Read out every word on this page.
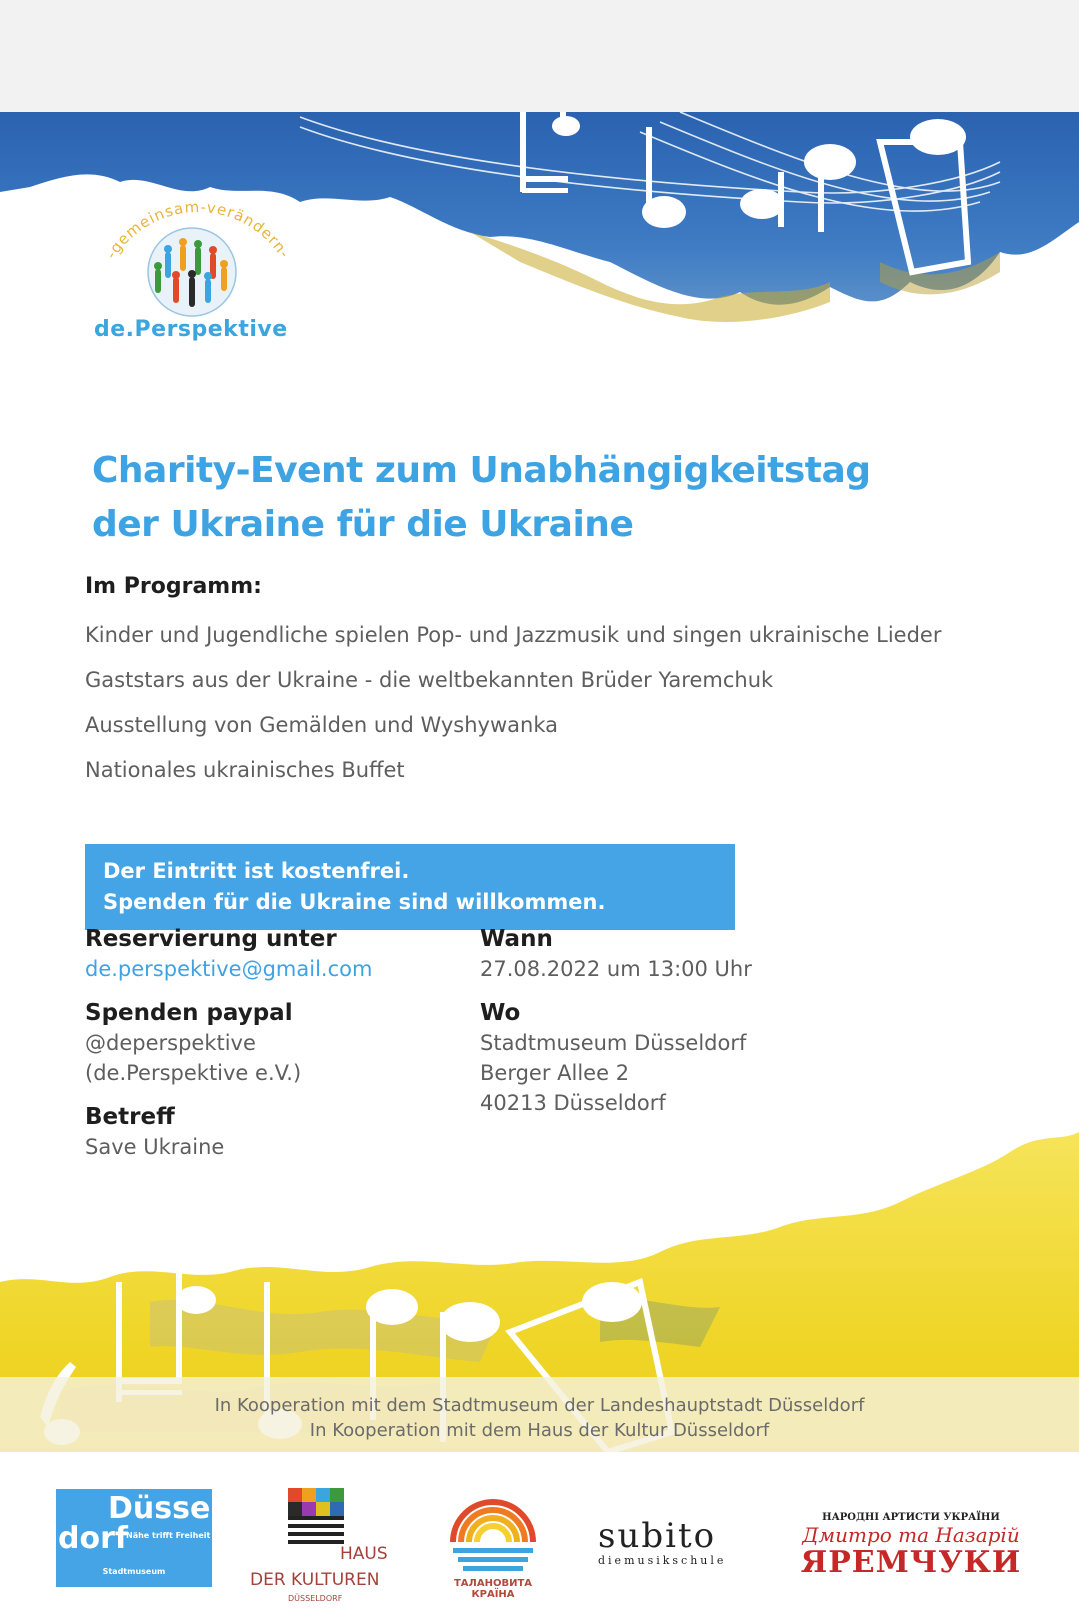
-gemeinsam-verändern-
de.Perspektive
Charity-Event zum Unabhängigkeitstag
der Ukraine für die Ukraine
Im Programm:
Kinder und Jugendliche spielen Pop- und Jazzmusik und singen ukrainische Lieder
Gaststars aus der Ukraine - die weltbekannten Brüder Yaremchuk
Ausstellung von Gemälden und Wyshywanka
Nationales ukrainisches Buffet
Der Eintritt ist kostenfrei.
Spenden für die Ukraine sind willkommen.
Reservierung unter
de.perspektive@gmail.com
Spenden paypal
@deperspektive
(de.Perspektive e.V.)
Betreff
Save Ukraine
Wann
27.08.2022 um 13:00 Uhr
Wo
Stadtmuseum Düsseldorf
Berger Allee 2
40213 Düsseldorf
In Kooperation mit dem Stadtmuseum der Landeshauptstadt Düsseldorf
In Kooperation mit dem Haus der Kultur Düsseldorf
Düssel
dorf
Nähe trifft Freiheit
Stadtmuseum
HAUS
DER KULTUREN
DÜSSELDORF
ТАЛАНОВИТА КРАЇНА
subito
diemusikschule
НАРОДНІ АРТИСТИ УКРАЇНИ
Дмитро та Назарій
ЯРЕМЧУКИ
